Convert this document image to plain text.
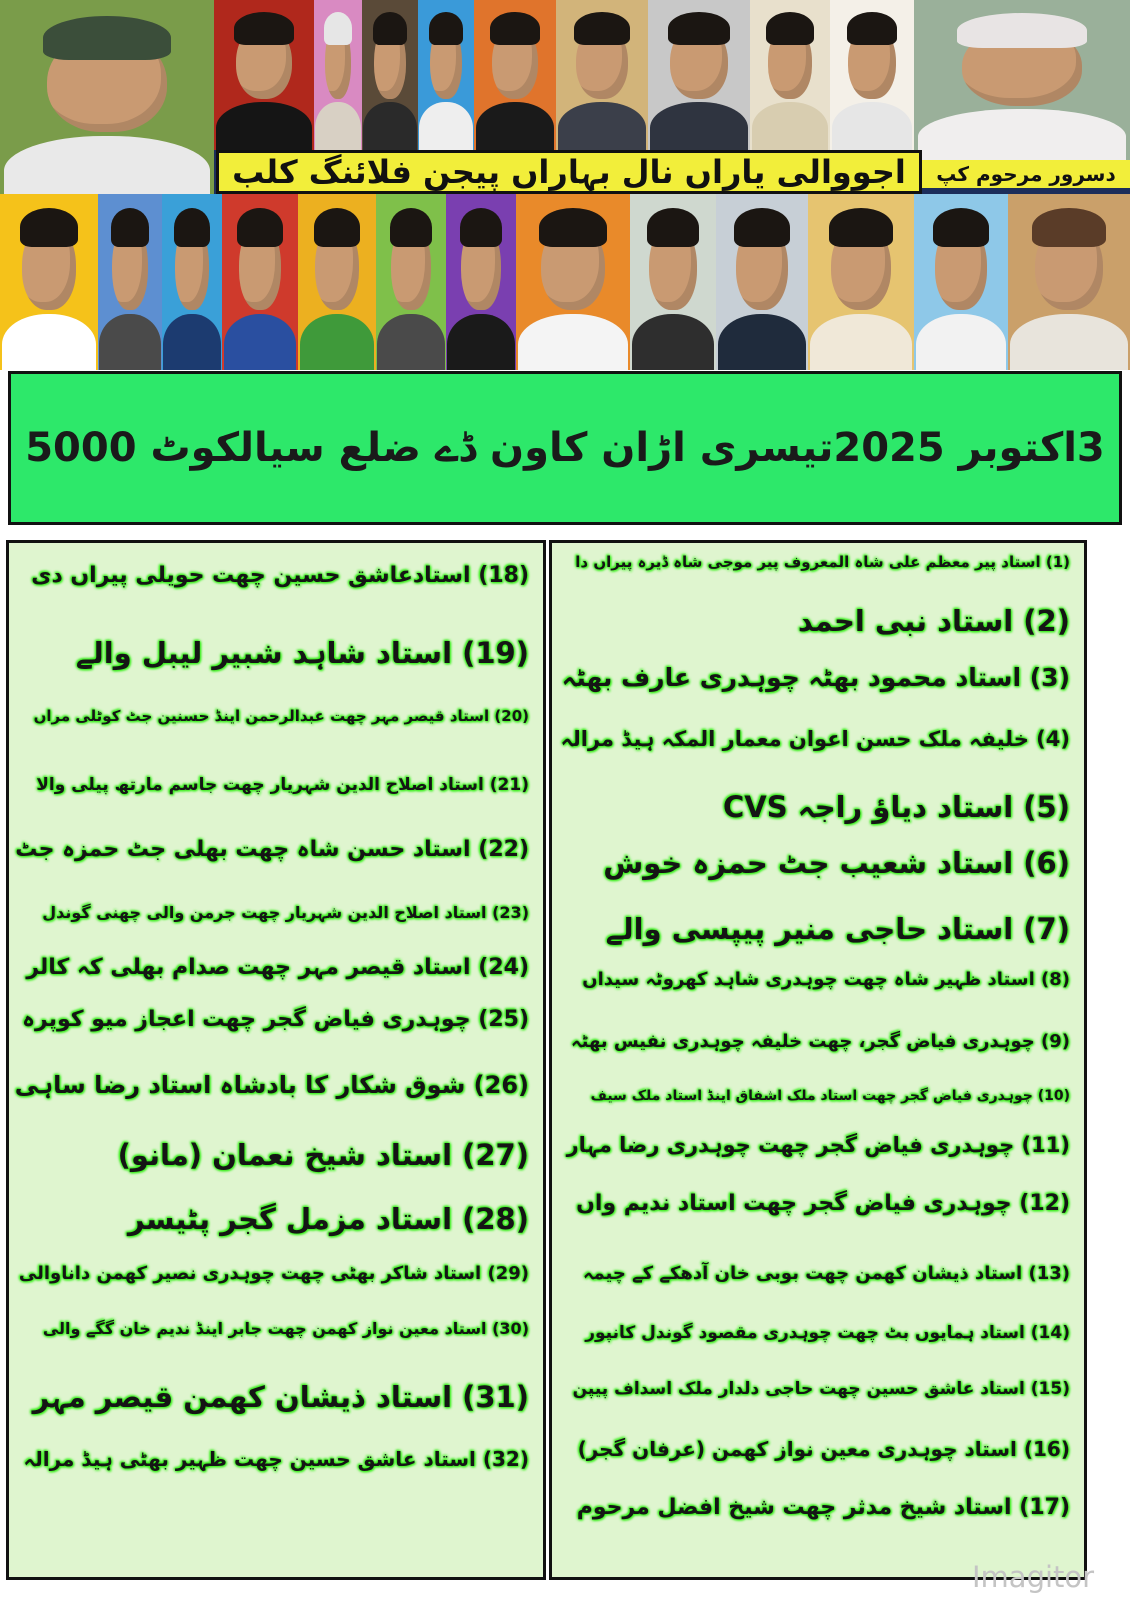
اجووالی یاراں نال بہاراں پیجن فلائنگ کلب دسرور مرحوم کپ
3اکتوبر 2025تیسری اڑان کاون ڈے ضلع سیالکوٹ 5000
(18) استادعاشق حسین چھت حویلی پیراں دی
(19) استاد شاہد شبیر لیبل والے
(20) استاد قیصر مہر چھت عبدالرحمن اینڈ حسنین جٹ کوٹلی مراں
(21) استاد اصلاح الدین شہریار چھت جاسم مارتھ پیلی والا
(22) استاد حسن شاہ چھت بھلی جٹ حمزہ جٹ
(23) استاد اصلاح الدین شہریار چھت جرمن والی چھنی گوندل
(24) استاد قیصر مہر چھت صدام بھلی کہ کالر
(25) چوہدری فیاض گجر چھت اعجاز میو کوپرہ
(26) شوق شکار کا بادشاہ استاد رضا ساہی
(27) استاد شیخ نعمان (مانو)
(28) استاد مزمل گجر پٹیسر
(29) استاد شاکر بھٹی چھت چوہدری نصیر کھمن داناوالی
(30) استاد معین نواز کھمن چھت جابر اینڈ ندیم خان گگے والی
(31) استاد ذیشان کھمن قیصر مہر
(32) استاد عاشق حسین چھت ظہیر بھٹی ہیڈ مرالہ
(1) استاد پیر معظم علی شاہ المعروف پیر موجی شاہ ڈیرہ پیراں دا
(2) استاد نبی احمد
(3) استاد محمود بھٹہ چوہدری عارف بھٹہ
(4) خلیفہ ملک حسن اعوان معمار المکہ ہیڈ مرالہ
(5) استاد دیاؤ راجہ CVS
(6) استاد شعیب جٹ حمزہ خوش
(7) استاد حاجی منیر پیپسی والے
(8) استاد ظہیر شاہ چھت چوہدری شاہد کھروٹہ سیداں
(9) چوہدری فیاض گجر، چھت خلیفہ چوہدری نفیس بھٹہ
(10) چوہدری فیاض گجر چھت استاد ملک اشفاق اینڈ استاد ملک سیف
(11) چوہدری فیاض گجر چھت چوہدری رضا مہار
(12) چوہدری فیاض گجر چھت استاد ندیم واں
(13) استاد ذیشان کھمن چھت بوبی خان آدھکے کے چیمہ
(14) استاد ہمایوں بٹ چھت چوہدری مقصود گوندل کانپور
(15) استاد عاشق حسین چھت حاجی دلدار ملک اسداف پیپن
(16) استاد چوہدری معین نواز کھمن (عرفان گجر)
(17) استاد شیخ مدثر چھت شیخ افضل مرحوم
Imagitor
